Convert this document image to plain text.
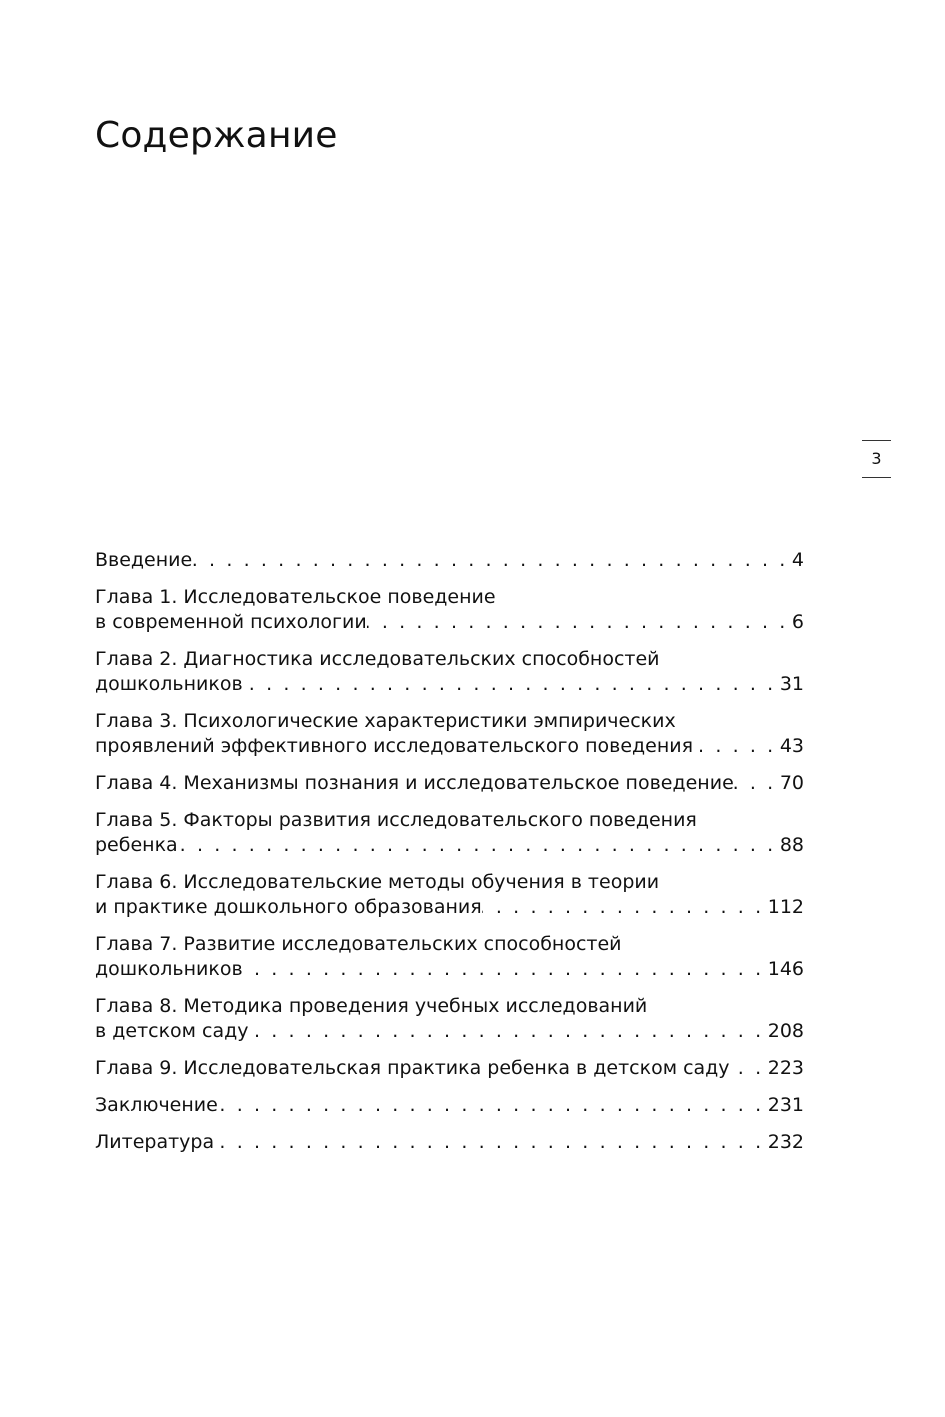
Содержание
3
Введение . . .	4
Глава 1. Исследовательское поведение
в современной психологии . . .	6
Глава 2. Диагностика исследовательских способностей
дошкольников . . .	31
Глава 3. Психологические характеристики эмпирических
проявлений эффективного исследовательского поведения . . .	43
Глава 4. Механизмы познания и исследовательское поведение . . . 70
Глава 5. Факторы развития исследовательского поведения
ребенка . . .	88
Глава 6. Исследовательские методы обучения в теории
и практике дошкольного образования . . .	112
Глава 7. Развитие исследовательских способностей
дошкольников . . .	146
Глава 8. Методика проведения учебных исследований
в детском саду . . .	208
Глава 9. Исследовательская практика ребенка в детском саду . . . 223
Заключение . . .	231
Литература . . .	232
